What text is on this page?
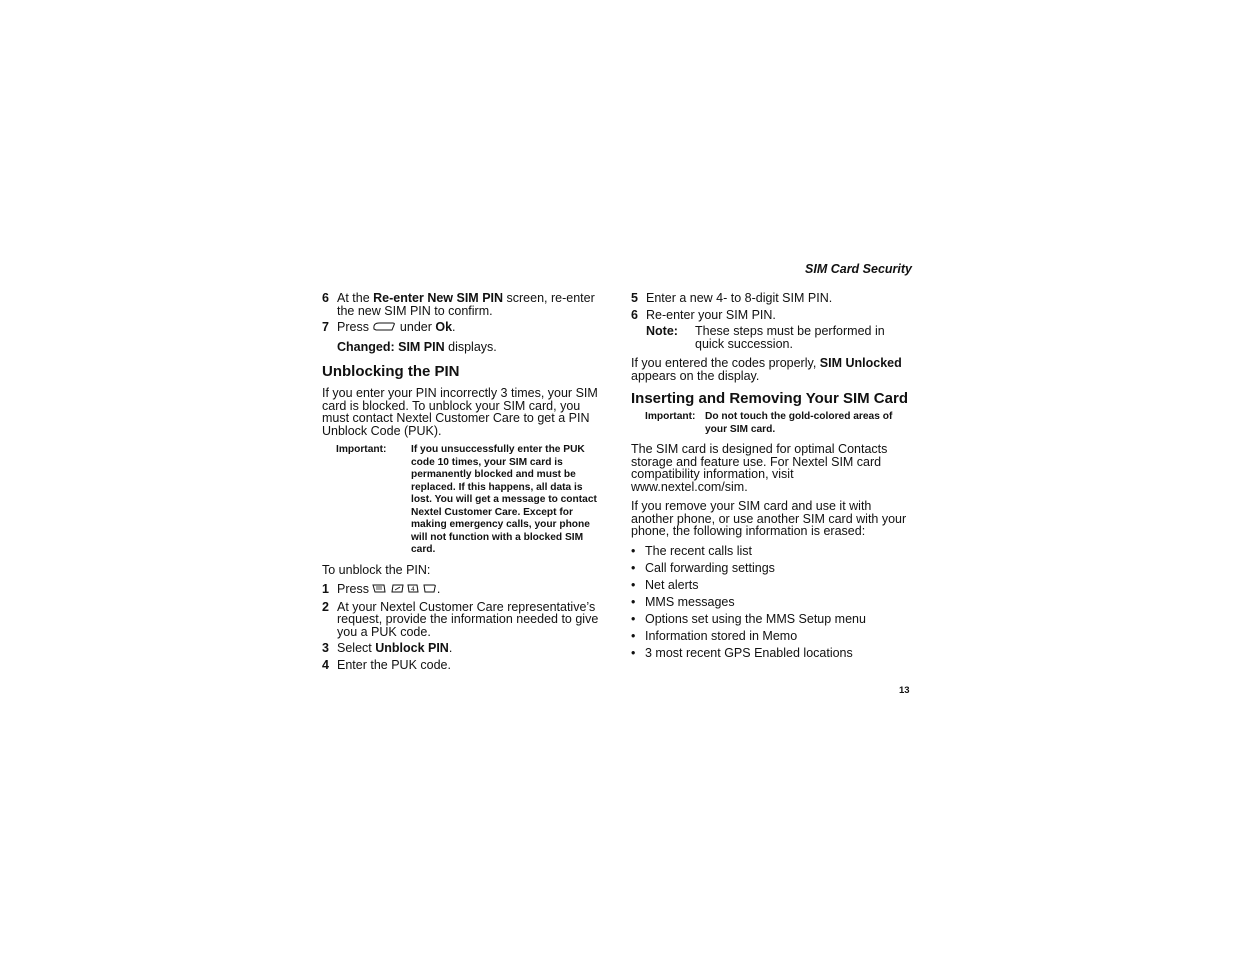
SIM Card Security
6 At the Re-enter New SIM PIN screen, re-enter the new SIM PIN to confirm.
7 Press  under Ok.
Changed: SIM PIN displays.
Unblocking the PIN

If you enter your PIN incorrectly 3 times, your SIM card is blocked. To unblock your SIM card, you must contact Nextel Customer Care to get a PIN Unblock Code (PUK).

Important: If you unsuccessfully enter the PUK code 10 times, your SIM card is permanently blocked and must be replaced. If this happens, all data is lost. You will get a message to contact Nextel Customer Care. Except for making emergency calls, your phone will not function with a blocked SIM card.

To unblock the PIN:

1 Press	4 .
2 At your Nextel Customer Care representative’s request, provide the information needed to give you a PUK code.
3 Select Unblock PIN.
4 Enter the PUK code.
5 Enter a new 4- to 8-digit SIM PIN.
6 Re-enter your SIM PIN.
Note: These steps must be performed in quick succession.

If you entered the codes properly, SIM Unlocked appears on the display.

Inserting and Removing Your SIM Card
Important: Do not touch the gold-colored areas of your SIM card.

The SIM card is designed for optimal Contacts storage and feature use. For Nextel SIM card compatibility information, visit www.nextel.com/sim.

If you remove your SIM card and use it with another phone, or use another SIM card with your phone, the following information is erased:

• The recent calls list
• Call forwarding settings
• Net alerts
• MMS messages
• Options set using the MMS Setup menu
• Information stored in Memo
• 3 most recent GPS Enabled locations
13
